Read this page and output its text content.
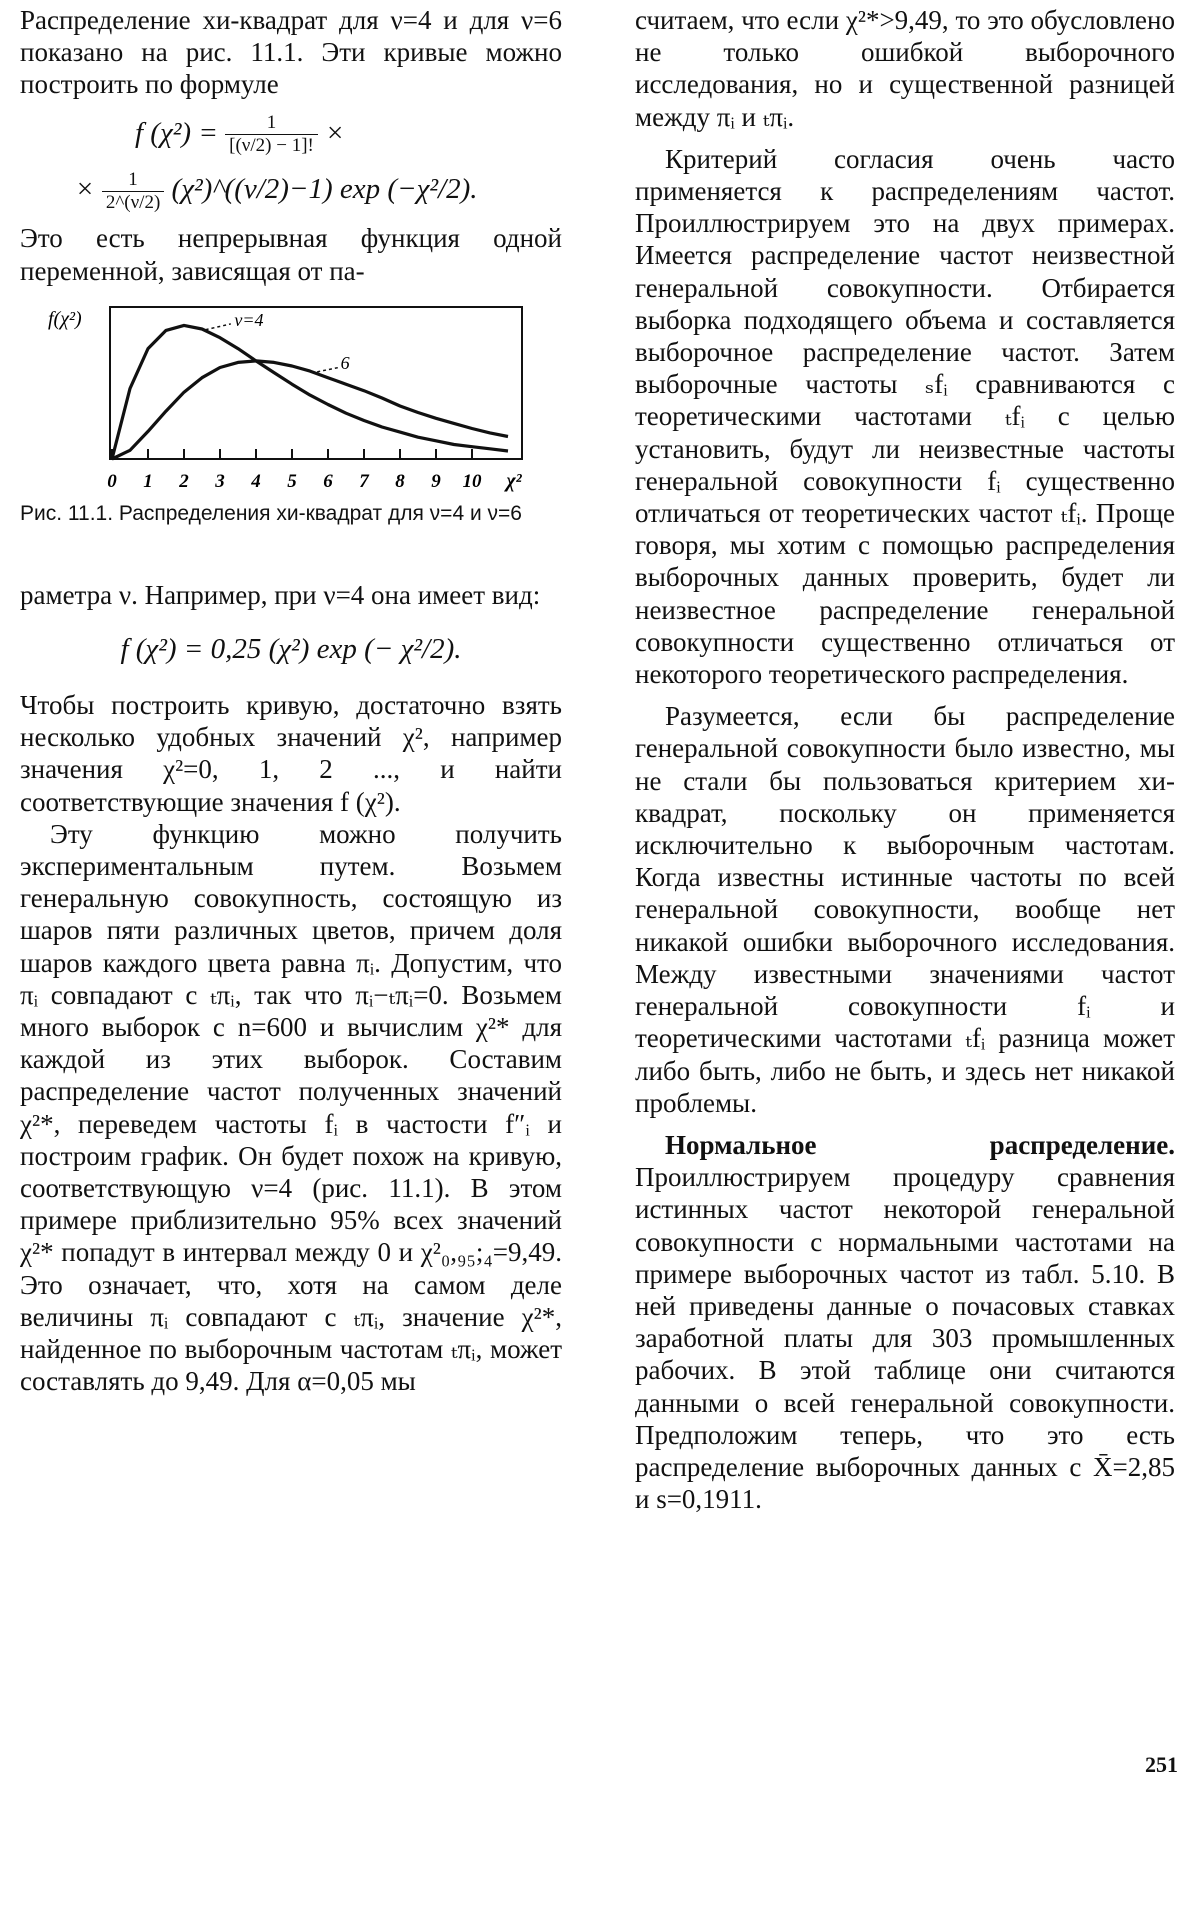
Распределение хи-квадрат для ν=4 и для ν=6 показано на рис. 11.1. Эти кривые можно построить по формуле

f $(\chi^2) = \frac{1}{[(\nu/2) - 1]!}$ ×
× $\frac{1}{2\^{}(\nu/2)}$ (χ²)^((ν/2)−1) exp (−χ²/2).

Это есть непрерывная функция одной переменной, зависящая от па-

f(χ²)
0 1 2 3 4 5 6 7 8 9 10 χ²
ν=4
6
Рис. 11.1. Распределения хи-квадрат для ν=4 и ν=6

раметра ν. Например, при ν=4 она имеет вид:

f (χ²) = 0,25 (χ²) exp (− χ²/2).

Чтобы построить кривую, достаточно взять несколько удобных значений χ², например значения χ²=0, 1, 2 ..., и найти соответствующие значения f (χ²).

Эту функцию можно получить экспериментальным путем. Возьмем генеральную совокупность, состоящую из шаров пяти различных цветов, причем доля шаров каждого цвета равна πᵢ. Допустим, что πᵢ совпадают с ₜπᵢ, так что πᵢ−ₜπᵢ=0. Возьмем много выборок с n=600 и вычислим χ²* для каждой из этих выборок. Составим распределение частот полученных значений χ²*, переведем частоты fᵢ в частости f″ᵢ и построим график. Он будет похож на кривую, соответствующую ν=4 (рис. 11.1). В этом примере приблизительно 95% всех значений χ²* попадут в интервал между 0 и χ²₀,₉₅;₄=9,49. Это означает, что, хотя на самом деле величины πᵢ совпадают с ₜπᵢ, значение χ²*, найденное по выборочным частотам ₜπᵢ, может составлять до 9,49. Для α=0,05 мы

считаем, что если χ²*>9,49, то это обусловлено не только ошибкой выборочного исследования, но и существенной разницей между πᵢ и ₜπᵢ.

Критерий согласия очень часто применяется к распределениям частот. Проиллюстрируем это на двух примерах. Имеется распределение частот неизвестной генеральной совокупности. Отбирается выборка подходящего объема и составляется выборочное распределение частот. Затем выборочные частоты ₛfᵢ сравниваются с теоретическими частотами ₜfᵢ с целью установить, будут ли неизвестные частоты генеральной совокупности fᵢ существенно отличаться от теоретических частот ₜfᵢ. Проще говоря, мы хотим с помощью распределения выборочных данных проверить, будет ли неизвестное распределение генеральной совокупности существенно отличаться от некоторого теоретического распределения.

Разумеется, если бы распределение генеральной совокупности было известно, мы не стали бы пользоваться критерием хи-квадрат, поскольку он применяется исключительно к выборочным частотам. Когда известны истинные частоты по всей генеральной совокупности, вообще нет никакой ошибки выборочного исследования. Между известными значениями частот генеральной совокупности fᵢ и теоретическими частотами ₜfᵢ разница может либо быть, либо не быть, и здесь нет никакой проблемы.

Нормальное распределение. Проиллюстрируем процедуру сравнения истинных частот некоторой генеральной совокупности с нормальными частотами на примере выборочных частот из табл. 5.10. В ней приведены данные о почасовых ставках заработной платы для 303 промышленных рабочих. В этой таблице они считаются данными о всей генеральной совокупности. Предположим теперь, что это есть распределение выборочных данных с X̄=2,85 и s=0,1911.

251
